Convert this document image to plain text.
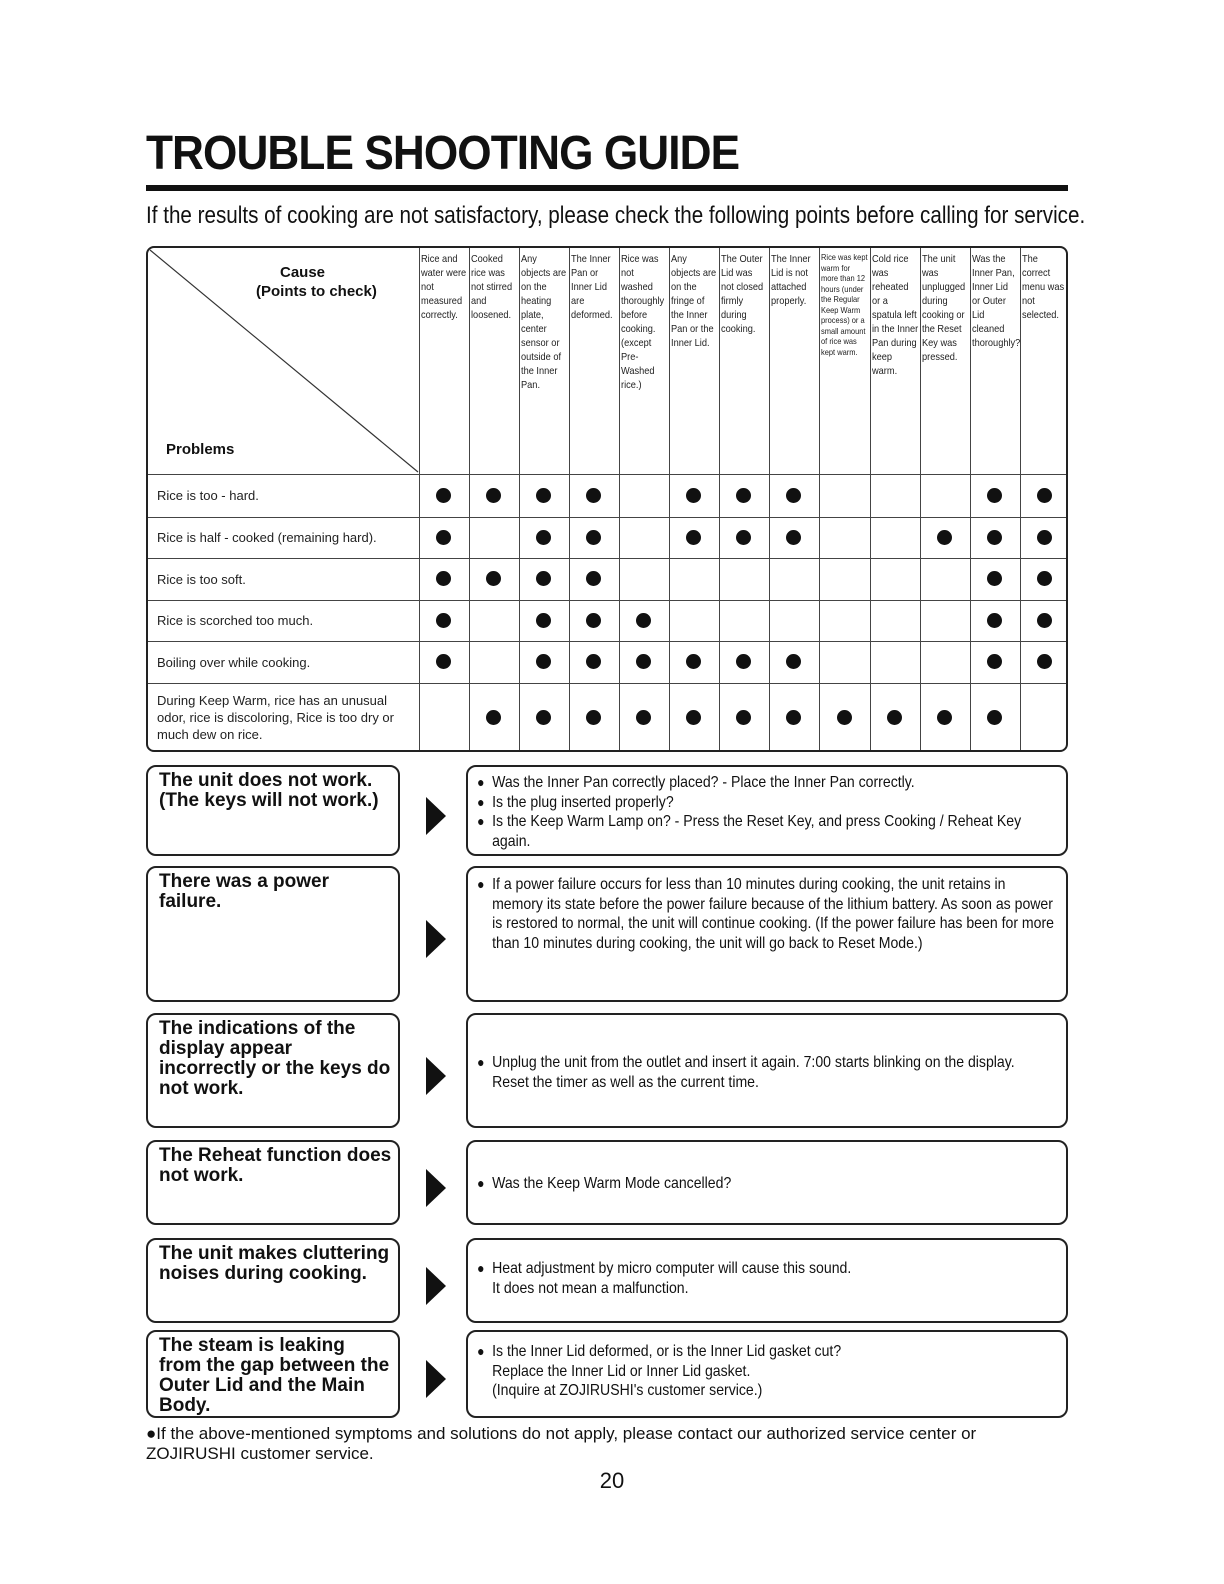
TROUBLE SHOOTING GUIDE

If the results of cooking are not satisfactory, please check the following points before calling for service.

Cause
(Points to check)
Problems
Rice and water were not measured correctly.
Cooked rice was not stirred and loosened.
Any objects are on the heating plate, center sensor or outside of the Inner Pan.
The Inner Pan or Inner Lid are deformed.
Rice was not washed thoroughly before cooking. (except Pre-Washed rice.)
Any objects are on the fringe of the Inner Pan or the Inner Lid.
The Outer Lid was not closed firmly during cooking.
The Inner Lid is not attached properly.
Rice was kept warm for more than 12 hours (under the Regular Keep Warm process) or a small amount of rice was kept warm.
Cold rice was reheated or a spatula left in the Inner Pan during keep warm.
The unit was unplugged during cooking or the Reset Key was pressed.
Was the Inner Pan, Inner Lid or Outer Lid cleaned thoroughly?
The correct menu was not selected.
Rice is too - hard.
Rice is half - cooked (remaining hard).
Rice is too soft.
Rice is scorched too much.
Boiling over while cooking.
During Keep Warm, rice has an unusual odor, rice is discoloring, Rice is too dry or much dew on rice.
The unit does not work. (The keys will not work.)

● Was the Inner Pan correctly placed? - Place the Inner Pan correctly.

● Is the plug inserted properly?

● Is the Keep Warm Lamp on? - Press the Reset Key, and press Cooking / Reheat Key again.

There was a power failure.

● If a power failure occurs for less than 10 minutes during cooking, the unit retains in memory its state before the power failure because of the lithium battery. As soon as power is restored to normal, the unit will continue cooking. (If the power failure has been for more than 10 minutes during cooking, the unit will go back to Reset Mode.)

The indications of the display appear incorrectly or the keys do not work.

● Unplug the unit from the outlet and insert it again. 7:00 starts blinking on the display.

Reset the timer as well as the current time.

The Reheat function does not work.	● Was the Keep Warm Mode cancelled?

The unit makes cluttering noises during cooking.	● Heat adjustment by micro computer will cause this sound.

It does not mean a malfunction.

The steam is leaking from the gap between the Outer Lid and the Main Body.

● Is the Inner Lid deformed, or is the Inner Lid gasket cut?

Replace the Inner Lid or Inner Lid gasket.

(Inquire at ZOJIRUSHI's customer service.)

●If the above-mentioned symptoms and solutions do not apply, please contact our authorized service center or ZOJIRUSHI customer service.
20
